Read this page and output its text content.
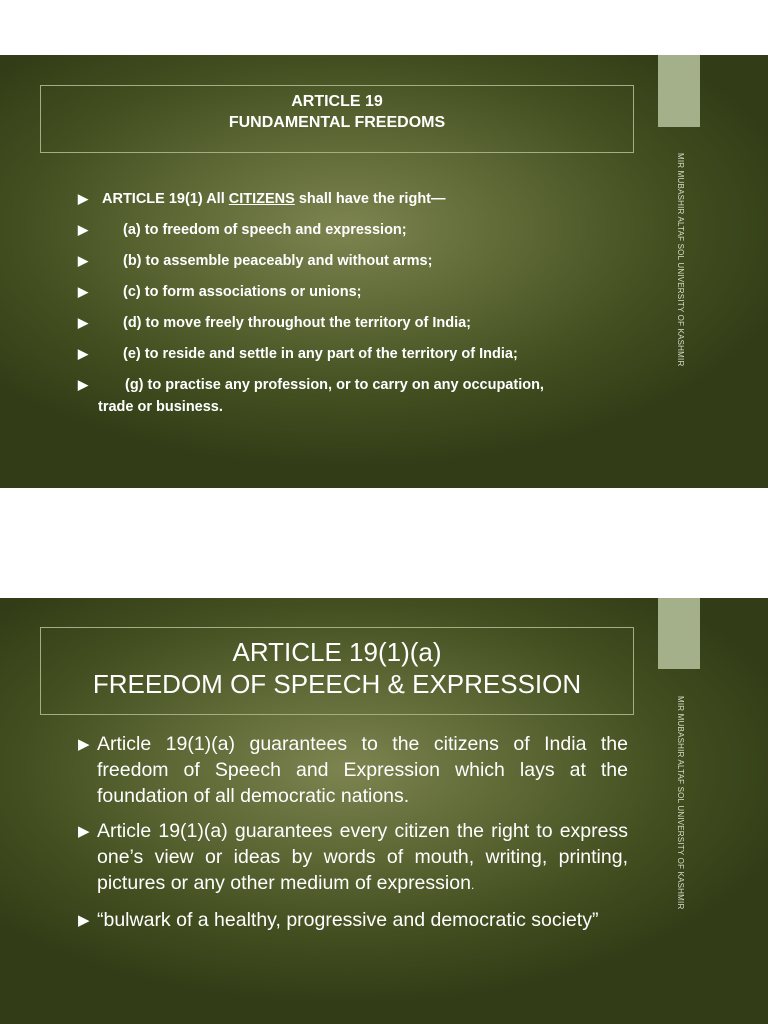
MIR MUBASHIR ALTAF SOL UNIVERSITY OF KASHMIR
ARTICLE 19
FUNDAMENTAL FREEDOMS
▶ ARTICLE 19(1) All CITIZENS shall have the right—
▶	(a) to freedom of speech and expression;
▶	(b) to assemble peaceably and without arms;
▶	(c) to form associations or unions;
▶	(d) to move freely throughout the territory of India;
▶	(e) to reside and settle in any part of the territory of India;
▶	(g) to practise any profession, or to carry on any occupation,
trade or business.
MIR MUBASHIR ALTAF SOL UNIVERSITY OF KASHMIR
ARTICLE 19(1)(a)
FREEDOM OF SPEECH & EXPRESSION
▶ Article 19(1)(a) guarantees to the citizens of India the freedom of Speech and Expression which lays at the foundation of all democratic nations.
▶ Article 19(1)(a) guarantees every citizen the right to express one’s view or ideas by words of mouth, writing, printing, pictures or any other medium of expression.
▶ “bulwark of a healthy, progressive and democratic society”
